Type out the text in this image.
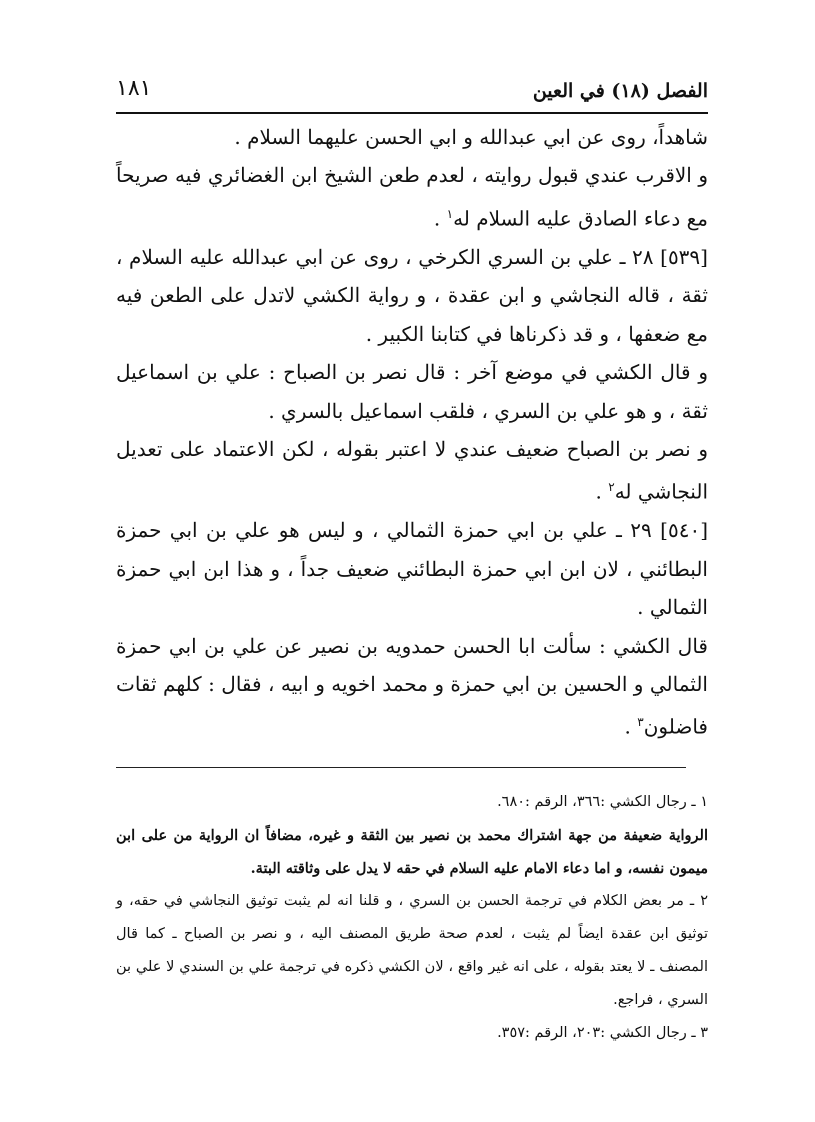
الفصل (١٨) في العين
١٨١

شاهداً، روى عن ابي عبدالله و ابي الحسن عليهما السلام .

و الاقرب عندي قبول روايته ، لعدم طعن الشيخ ابن الغضائري فيه صريحاً مع دعاء الصادق عليه السلام له$^١$ .

[٥٣٩] ٢٨ ـ علي بن السري الكرخي ، روى عن ابي عبدالله عليه السلام ، ثقة ، قاله النجاشي و ابن عقدة ، و رواية الكشي لاتدل على الطعن فيه مع ضعفها ، و قد ذكرناها في كتابنا الكبير .

و قال الكشي في موضع آخر : قال نصر بن الصباح : علي بن اسماعيل ثقة ، و هو علي بن السري ، فلقب اسماعيل بالسري .

و نصر بن الصباح ضعيف عندي لا اعتبر بقوله ، لكن الاعتماد على تعديل النجاشي له$^٢$ .

[٥٤٠] ٢٩ ـ علي بن ابي حمزة الثمالي ، و ليس هو علي بن ابي حمزة البطائني ، لان ابن ابي حمزة البطائني ضعيف جداً ، و هذا ابن ابي حمزة الثمالي .

قال الكشي : سألت ابا الحسن حمدويه بن نصير عن علي بن ابي حمزة الثمالي و الحسين بن ابي حمزة و محمد اخويه و ابيه ، فقال : كلهم ثقات فاضلون$^٣$ .

١ ـ رجال الكشي :٣٦٦، الرقم :٦٨٠.

الرواية ضعيفة من جهة اشتراك محمد بن نصير بين الثقة و غيره، مضافاً ان الرواية من على ابن ميمون نفسه، و اما دعاء الامام عليه السلام في حقه لا يدل على وثاقته البتة.

٢ ـ مر بعض الكلام في ترجمة الحسن بن السري ، و قلنا انه لم يثبت توثيق النجاشي في حقه، و توثيق ابن عقدة ايضاً لم يثبت ، لعدم صحة طريق المصنف اليه ، و نصر بن الصباح ـ كما قال المصنف ـ لا يعتد بقوله ، على انه غير واقع ، لان الكشي ذكره في ترجمة علي بن السندي لا علي بن السري ، فراجع.

٣ ـ رجال الكشي :٢٠٣، الرقم :٣٥٧.
